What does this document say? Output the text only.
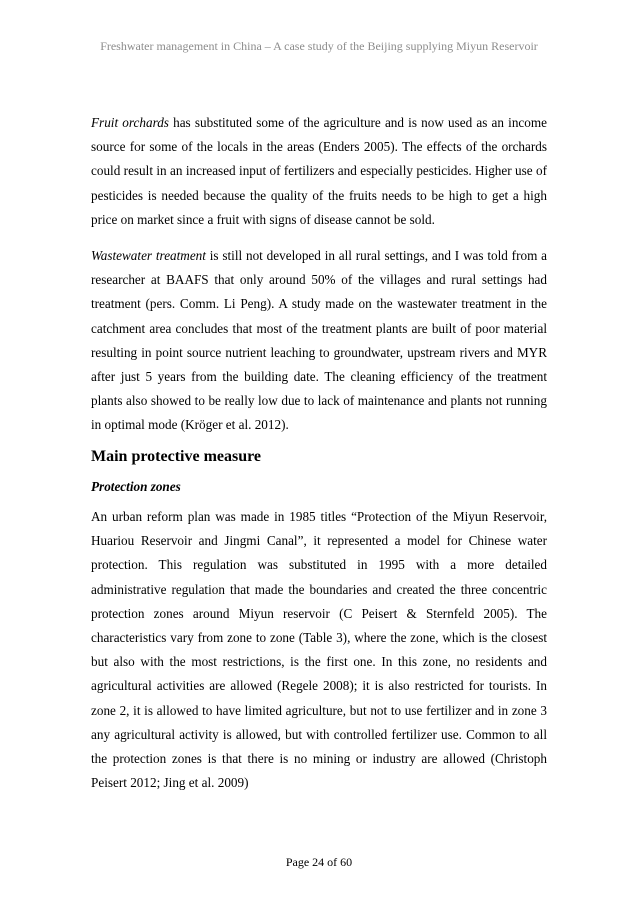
Freshwater management in China – A case study of the Beijing supplying Miyun Reservoir

Fruit orchards has substituted some of the agriculture and is now used as an income source for some of the locals in the areas (Enders 2005). The effects of the orchards could result in an increased input of fertilizers and especially pesticides. Higher use of pesticides is needed because the quality of the fruits needs to be high to get a high price on market since a fruit with signs of disease cannot be sold.

Wastewater treatment is still not developed in all rural settings, and I was told from a researcher at BAAFS that only around 50% of the villages and rural settings had treatment (pers. Comm. Li Peng). A study made on the wastewater treatment in the catchment area concludes that most of the treatment plants are built of poor material resulting in point source nutrient leaching to groundwater, upstream rivers and MYR after just 5 years from the building date. The cleaning efficiency of the treatment plants also showed to be really low due to lack of maintenance and plants not running in optimal mode (Kröger et al. 2012).

Main protective measure
Protection zones

An urban reform plan was made in 1985 titles “Protection of the Miyun Reservoir, Huariou Reservoir and Jingmi Canal”, it represented a model for Chinese water protection. This regulation was substituted in 1995 with a more detailed administrative regulation that made the boundaries and created the three concentric protection zones around Miyun reservoir (C Peisert & Sternfeld 2005). The characteristics vary from zone to zone (Table 3), where the zone, which is the closest but also with the most restrictions, is the first one. In this zone, no residents and agricultural activities are allowed (Regele 2008); it is also restricted for tourists. In zone 2, it is allowed to have limited agriculture, but not to use fertilizer and in zone 3 any agricultural activity is allowed, but with controlled fertilizer use. Common to all the protection zones is that there is no mining or industry are allowed (Christoph Peisert 2012; Jing et al. 2009)

Page 24 of 60
